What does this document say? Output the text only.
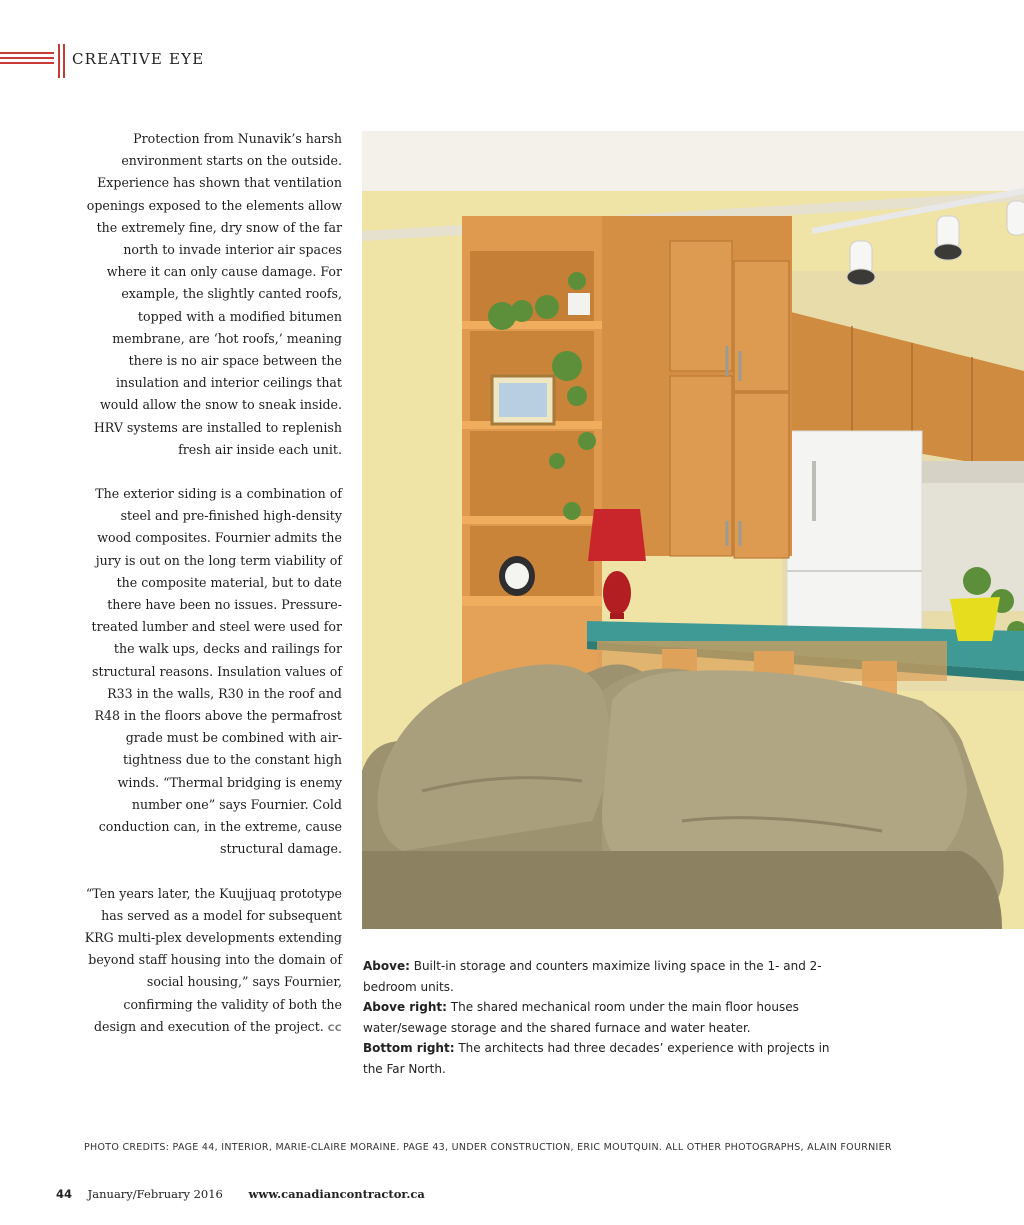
CREATIVE EYE

Protection from Nunavik’s harsh environment starts on the outside. Experience has shown that ventilation openings exposed to the elements allow the extremely fine, dry snow of the far north to invade interior air spaces where it can only cause damage. For example, the slightly canted roofs, topped with a modified bitumen membrane, are ‘hot roofs,’ meaning there is no air space between the insulation and interior ceilings that would allow the snow to sneak inside. HRV systems are installed to replenish fresh air inside each unit.

The exterior siding is a combination of steel and pre-finished high-density wood composites. Fournier admits the jury is out on the long term viability of the composite material, but to date there have been no issues. Pressure-treated lumber and steel were used for the walk ups, decks and railings for structural reasons. Insulation values of R33 in the walls, R30 in the roof and R48 in the floors above the permafrost grade must be combined with air-tightness due to the constant high winds. “Thermal bridging is enemy number one” says Fournier. Cold conduction can, in the extreme, cause structural damage.

“Ten years later, the Kuujjuaq prototype has served as a model for subsequent KRG multi-plex developments extending beyond staff housing into the domain of social housing,” says Fournier, confirming the validity of both the design and execution of the project. CC

Above: Built-in storage and counters maximize living space in the 1- and 2-bedroom units.

Above right: The shared mechanical room under the main floor houses water/sewage storage and the shared furnace and water heater.

Bottom right: The architects had three decades’ experience with projects in the Far North.

PHOTO CREDITS: PAGE 44, INTERIOR, MARIE-CLAIRE MORAINE. PAGE 43, UNDER CONSTRUCTION, ERIC MOUTQUIN. ALL OTHER PHOTOGRAPHS, ALAIN FOURNIER
44 January/February 2016 www.canadiancontractor.ca
